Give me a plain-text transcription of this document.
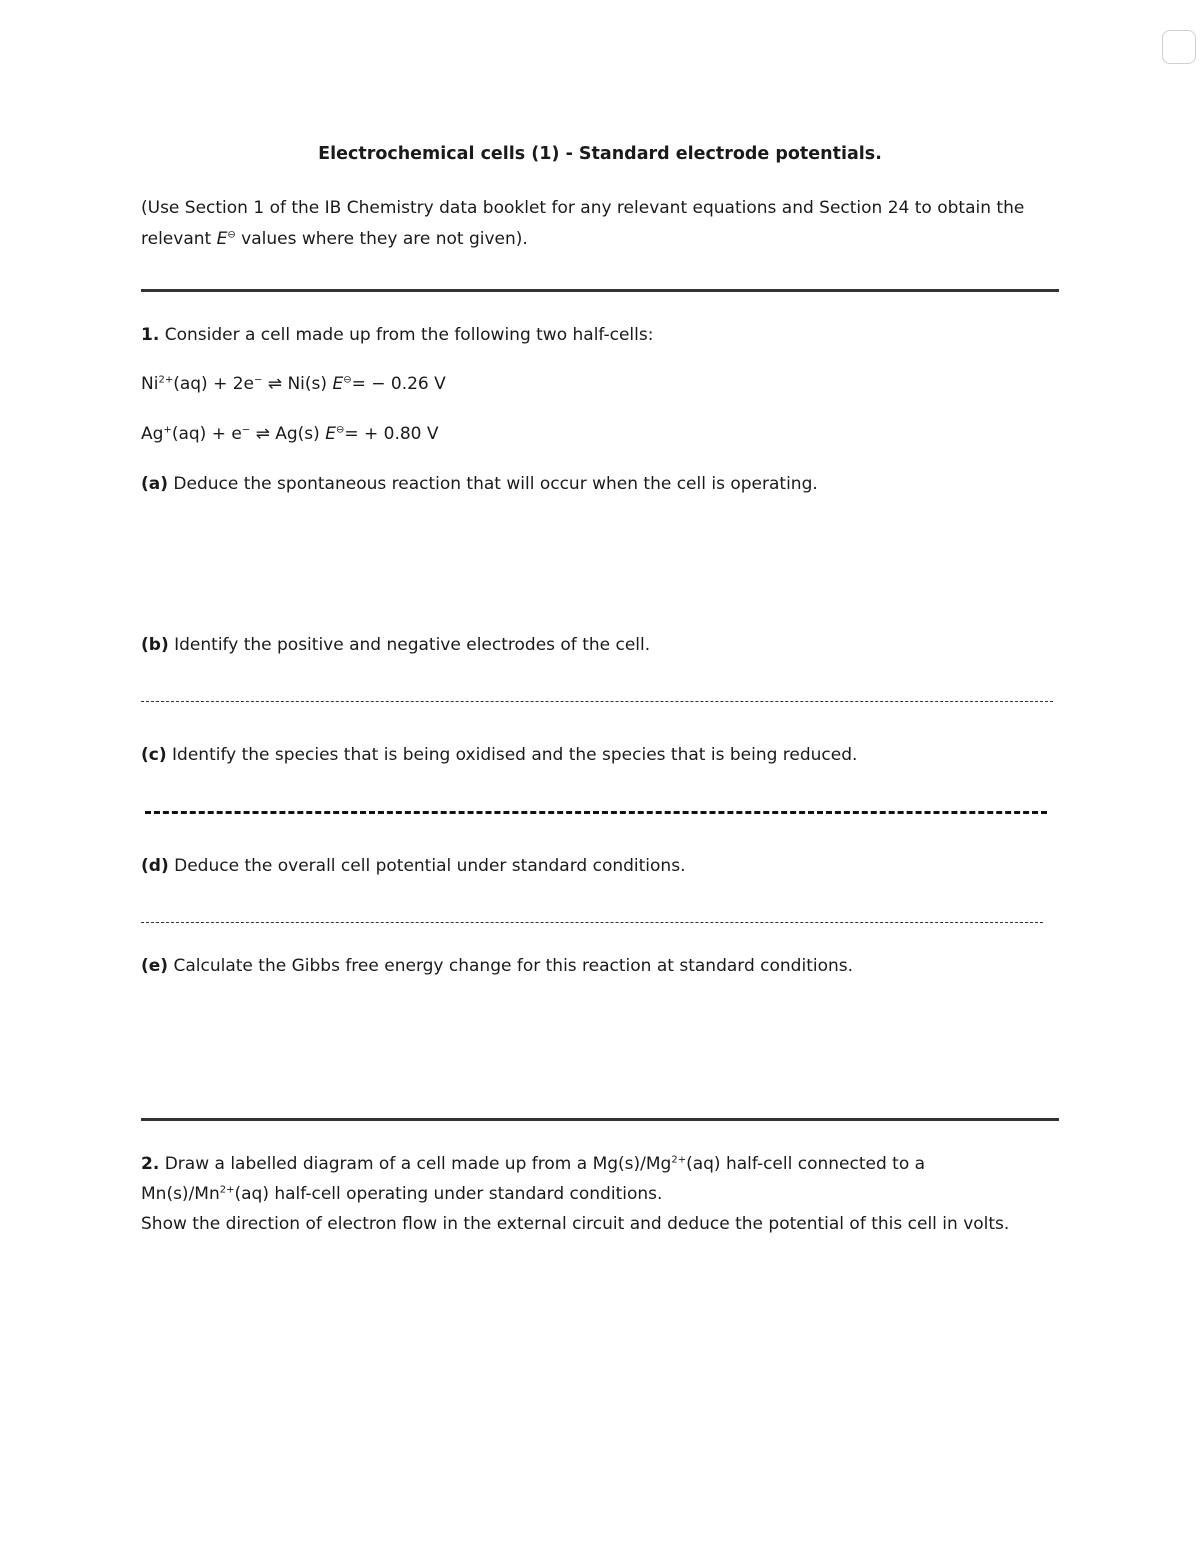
Electrochemical cells (1) - Standard electrode potentials.
(Use Section 1 of the IB Chemistry data booklet for any relevant equations and Section 24 to obtain the
relevant E⊖ values where they are not given).
1. Consider a cell made up from the following two half-cells:
$Ni^{2+}(aq) + 2e^-$ ⇌ Ni(s) E⊖= − 0.26 V
Ag+(aq) + e− ⇌ Ag(s) E⊖= + 0.80 V
(a) Deduce the spontaneous reaction that will occur when the cell is operating.
(b) Identify the positive and negative electrodes of the cell.
(c) Identify the species that is being oxidised and the species that is being reduced.
(d) Deduce the overall cell potential under standard conditions.
(e) Calculate the Gibbs free energy change for this reaction at standard conditions.
2. Draw a labelled diagram of a cell made up from a $Mg(s)/Mg^{2+}(aq)$ half-cell connected to a
$Mn(s)/Mn^{2+}(aq)$ half-cell operating under standard conditions.
Show the direction of electron flow in the external circuit and deduce the potential of this cell in volts.
